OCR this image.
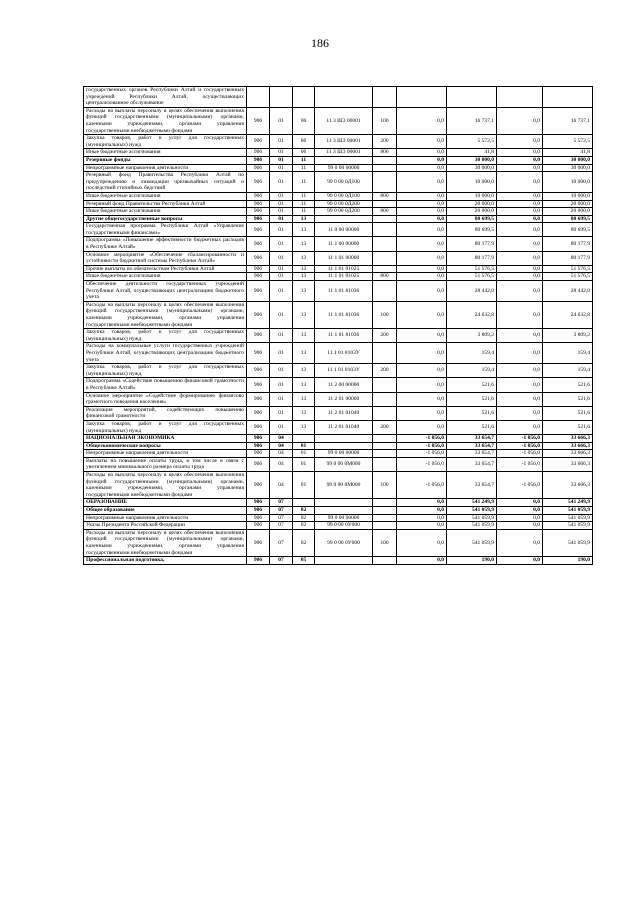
186
государственных органов Республики Алтай и государственных учреждений Республики Алтай, осуществляющих централизованное обслуживание									
Расходы на выплаты персоналу в целях обеспечения выполнения функций государственными (муниципальными) органами, казенными учреждениями, органами управления государственными внебюджетными фондами	906	01	06	11 3 Ш3 00001	100	0,0	16 737,1	0,0	16 737,1
Закупка товаров, работ и услуг для государственных (муниципальных) нужд	906	01	06	11 3 Ш3 00001	200	0,0	5 572,5	0,0	5 572,5
Иные бюджетные ассигнования	906	01	06	11 3 Ш3 00001	800	0,0	41,8	0,0	41,8
Резервные фонды	906	01	11			0,0	30 000,0	0,0	30 000,0
Непрограммные направления деятельности	906	01	11	99 0 00 00000		0,0	30 000,0	0,0	30 000,0
Резервный фонд Правительства Республики Алтай по предупреждению и ликвидации чрезвычайных ситуаций и последствий стихийных бедствий	906	01	11	99 0 00 0Д100		0,0	10 000,0	0,0	10 000,0
Иные бюджетные ассигнования	906	01	11	99 0 00 0Д100	800	0,0	10 000,0	0,0	10 000,0
Резервный фонд Правительства Республики Алтай	906	01	11	99 0 00 0Д200		0,0	20 000,0	0,0	20 000,0
Иные бюджетные ассигнования	906	01	11	99 0 00 0Д200	800	0,0	20 000,0	0,0	20 000,0
Другие общегосударственные вопросы	906	01	13			0,0	80 699,5	0,0	80 699,5
Государственная программа Республики Алтай «Управление государственными финансами»	906	01	13	11 0 00 00000		0,0	80 699,5	0,0	80 699,5
Подпрограмма «Повышение эффективности бюджетных расходов в Республике Алтай»	906	01	13	11 1 00 00000		0,0	80 177,9	0,0	80 177,9
Основное мероприятие «Обеспечение сбалансированности и устойчивости бюджетной системы Республики Алтай»	906	01	13	11 1 01 00000		0,0	80 177,9	0,0	80 177,9
Прочие выплаты по обязательствам Республики Алтай	906	01	13	11 1 01 01025		0,0	51 576,5	0,0	51 576,5
Иные бюджетные ассигнования	906	01	13	11 1 01 01025	800	0,0	51 576,5	0,0	51 576,5
Обеспечение деятельности государственных учреждений Республики Алтай, осуществляющих централизацию бюджетного учета	906	01	13	11 1 01 81036		0,0	28 442,0	0,0	28 442,0
Расходы на выплаты персоналу в целях обеспечения выполнения функций государственными (муниципальными) органами, казенными учреждениями, органами управления государственными внебюджетными фондами	906	01	13	11 1 01 81036	100	0,0	24 632,8	0,0	24 632,8
Закупка товаров, работ и услуг для государственных (муниципальных) нужд	906	01	13	11 1 01 81036	200	0,0	3 809,2	0,0	3 809,2
Расходы на коммунальные услуги государственных учреждений Республики Алтай, осуществляющих централизацию бюджетного учета	906	01	13	11 1 01 8103У		0,0	159,4	0,0	159,4
Закупка товаров, работ и услуг для государственных (муниципальных) нужд	906	01	13	11 1 01 8103У	200	0,0	159,4	0,0	159,4
Подпрограмма «Содействие повышению финансовой грамотности в Республике Алтай»	906	01	13	11 2 00 00000		0,0	521,6	0,0	521,6
Основное мероприятие «Содействие формированию финансово грамотного поведения населения»	906	01	13	11 2 01 00000		0,0	521,6	0,0	521,6
Реализация мероприятий, содействующих повышению финансовой грамотности	906	01	13	11 2 01 01040		0,0	521,6	0,0	521,6
Закупка товаров, работ и услуг для государственных (муниципальных) нужд	906	01	13	11 2 01 01040	200	0,0	521,6	0,0	521,6
НАЦИОНАЛЬНАЯ ЭКОНОМИКА	906	04				-1 056,0	33 654,7	-1 056,0	33 666,3
Общеэкономические вопросы	906	04	01			-1 056,0	33 654,7	-1 056,0	33 666,3
Непрограммные направления деятельности	906	04	01	99 0 00 00000		-1 056,0	33 654,7	-1 056,0	33 666,3
Выплаты на повышение оплаты труда, в том числе в связи с увеличением минимального размера оплаты труда	906	04	01	99 0 00 0М000		-1 056,0	33 654,7	-1 056,0	33 666,3
Расходы на выплаты персоналу в целях обеспечения выполнения функций государственными (муниципальными) органами, казенными учреждениями, органами управления государственными внебюджетными фондами	906	04	01	99 0 00 0М000	100	-1 056,0	33 654,7	-1 056,0	33 666,3
ОБРАЗОВАНИЕ	906	07				0,0	541 249,9	0,0	541 249,9
Общее образование	906	07	02			0,0	541 059,9	0,0	541 059,9
Непрограммные направления деятельности	906	07	02	99 0 00 00000		0,0	541 059,9	0,0	541 059,9
Указы Президента Российской Федерации	906	07	02	99 0 00 0У000		0,0	541 059,9	0,0	541 059,9
Расходы на выплаты персоналу в целях обеспечения выполнения функций государственными (муниципальными) органами, казенными учреждениями, органами управления государственными внебюджетными фондами	906	07	02	99 0 00 0У000	100	0,0	541 059,9	0,0	541 059,9
Профессиональная подготовка,	906	07	05			0,0	190,0	0,0	190,0
